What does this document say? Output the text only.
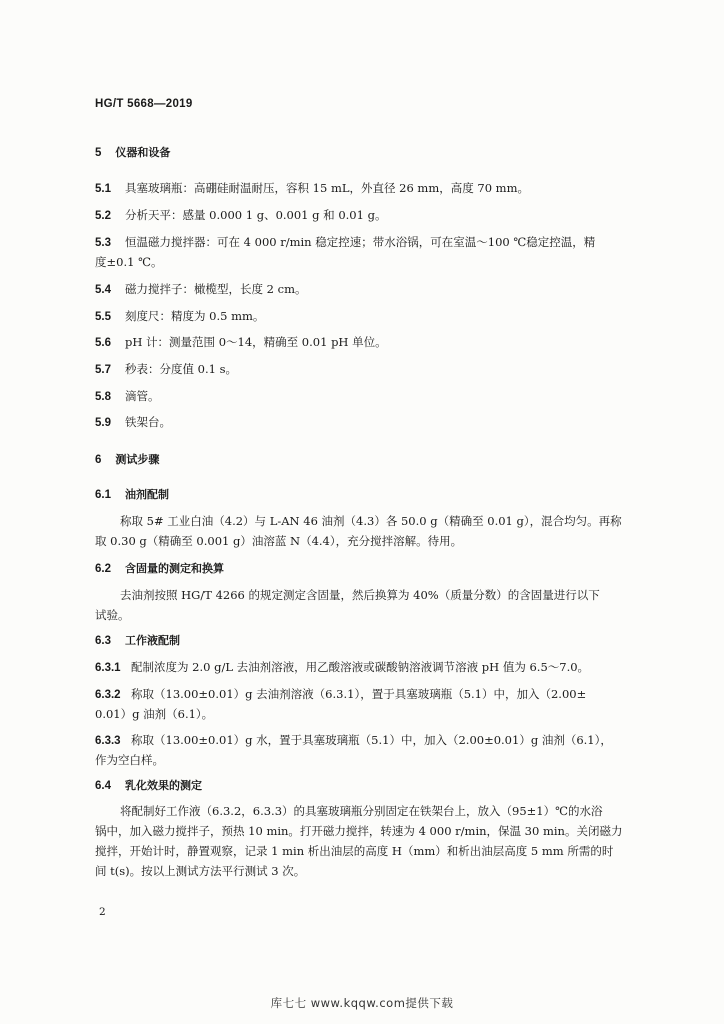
HG/T 5668—2019
5 仪器和设备
5.1 具塞玻璃瓶：高硼硅耐温耐压，容积 15 mL，外直径 26 mm，高度 70 mm。
5.2 分析天平：感量 0.000 1 g、0.001 g 和 0.01 g。
5.3 恒温磁力搅拌器：可在 4 000 r/min 稳定控速；带水浴锅，可在室温～100 ℃稳定控温，精
度±0.1 ℃。
5.4 磁力搅拌子：橄榄型，长度 2 cm。
5.5 刻度尺：精度为 0.5 mm。
5.6 pH 计：测量范围 0～14，精确至 0.01 pH 单位。
5.7 秒表：分度值 0.1 s。
5.8 滴管。
5.9 铁架台。
6 测试步骤
6.1 油剂配制
称取 5# 工业白油（4.2）与 L-AN 46 油剂（4.3）各 50.0 g（精确至 0.01 g），混合均匀。再称
取 0.30 g（精确至 0.001 g）油溶蓝 N（4.4），充分搅拌溶解。待用。
6.2 含固量的测定和换算
去油剂按照 HG/T 4266 的规定测定含固量，然后换算为 40%（质量分数）的含固量进行以下
试验。
6.3 工作液配制
6.3.1 配制浓度为 2.0 g/L 去油剂溶液，用乙酸溶液或碳酸钠溶液调节溶液 pH 值为 6.5～7.0。
6.3.2 称取（13.00±0.01）g 去油剂溶液（6.3.1），置于具塞玻璃瓶（5.1）中，加入（2.00±
0.01）g 油剂（6.1）。
6.3.3 称取（13.00±0.01）g 水，置于具塞玻璃瓶（5.1）中，加入（2.00±0.01）g 油剂（6.1），
作为空白样。
6.4 乳化效果的测定
将配制好工作液（6.3.2，6.3.3）的具塞玻璃瓶分别固定在铁架台上，放入（95±1）℃的水浴
锅中，加入磁力搅拌子，预热 10 min。打开磁力搅拌，转速为 4 000 r/min，保温 30 min。关闭磁力
搅拌，开始计时，静置观察，记录 1 min 析出油层的高度 H（mm）和析出油层高度 5 mm 所需的时
间 t(s)。按以上测试方法平行测试 3 次。
2
库七七 www.kqqw.com提供下载
